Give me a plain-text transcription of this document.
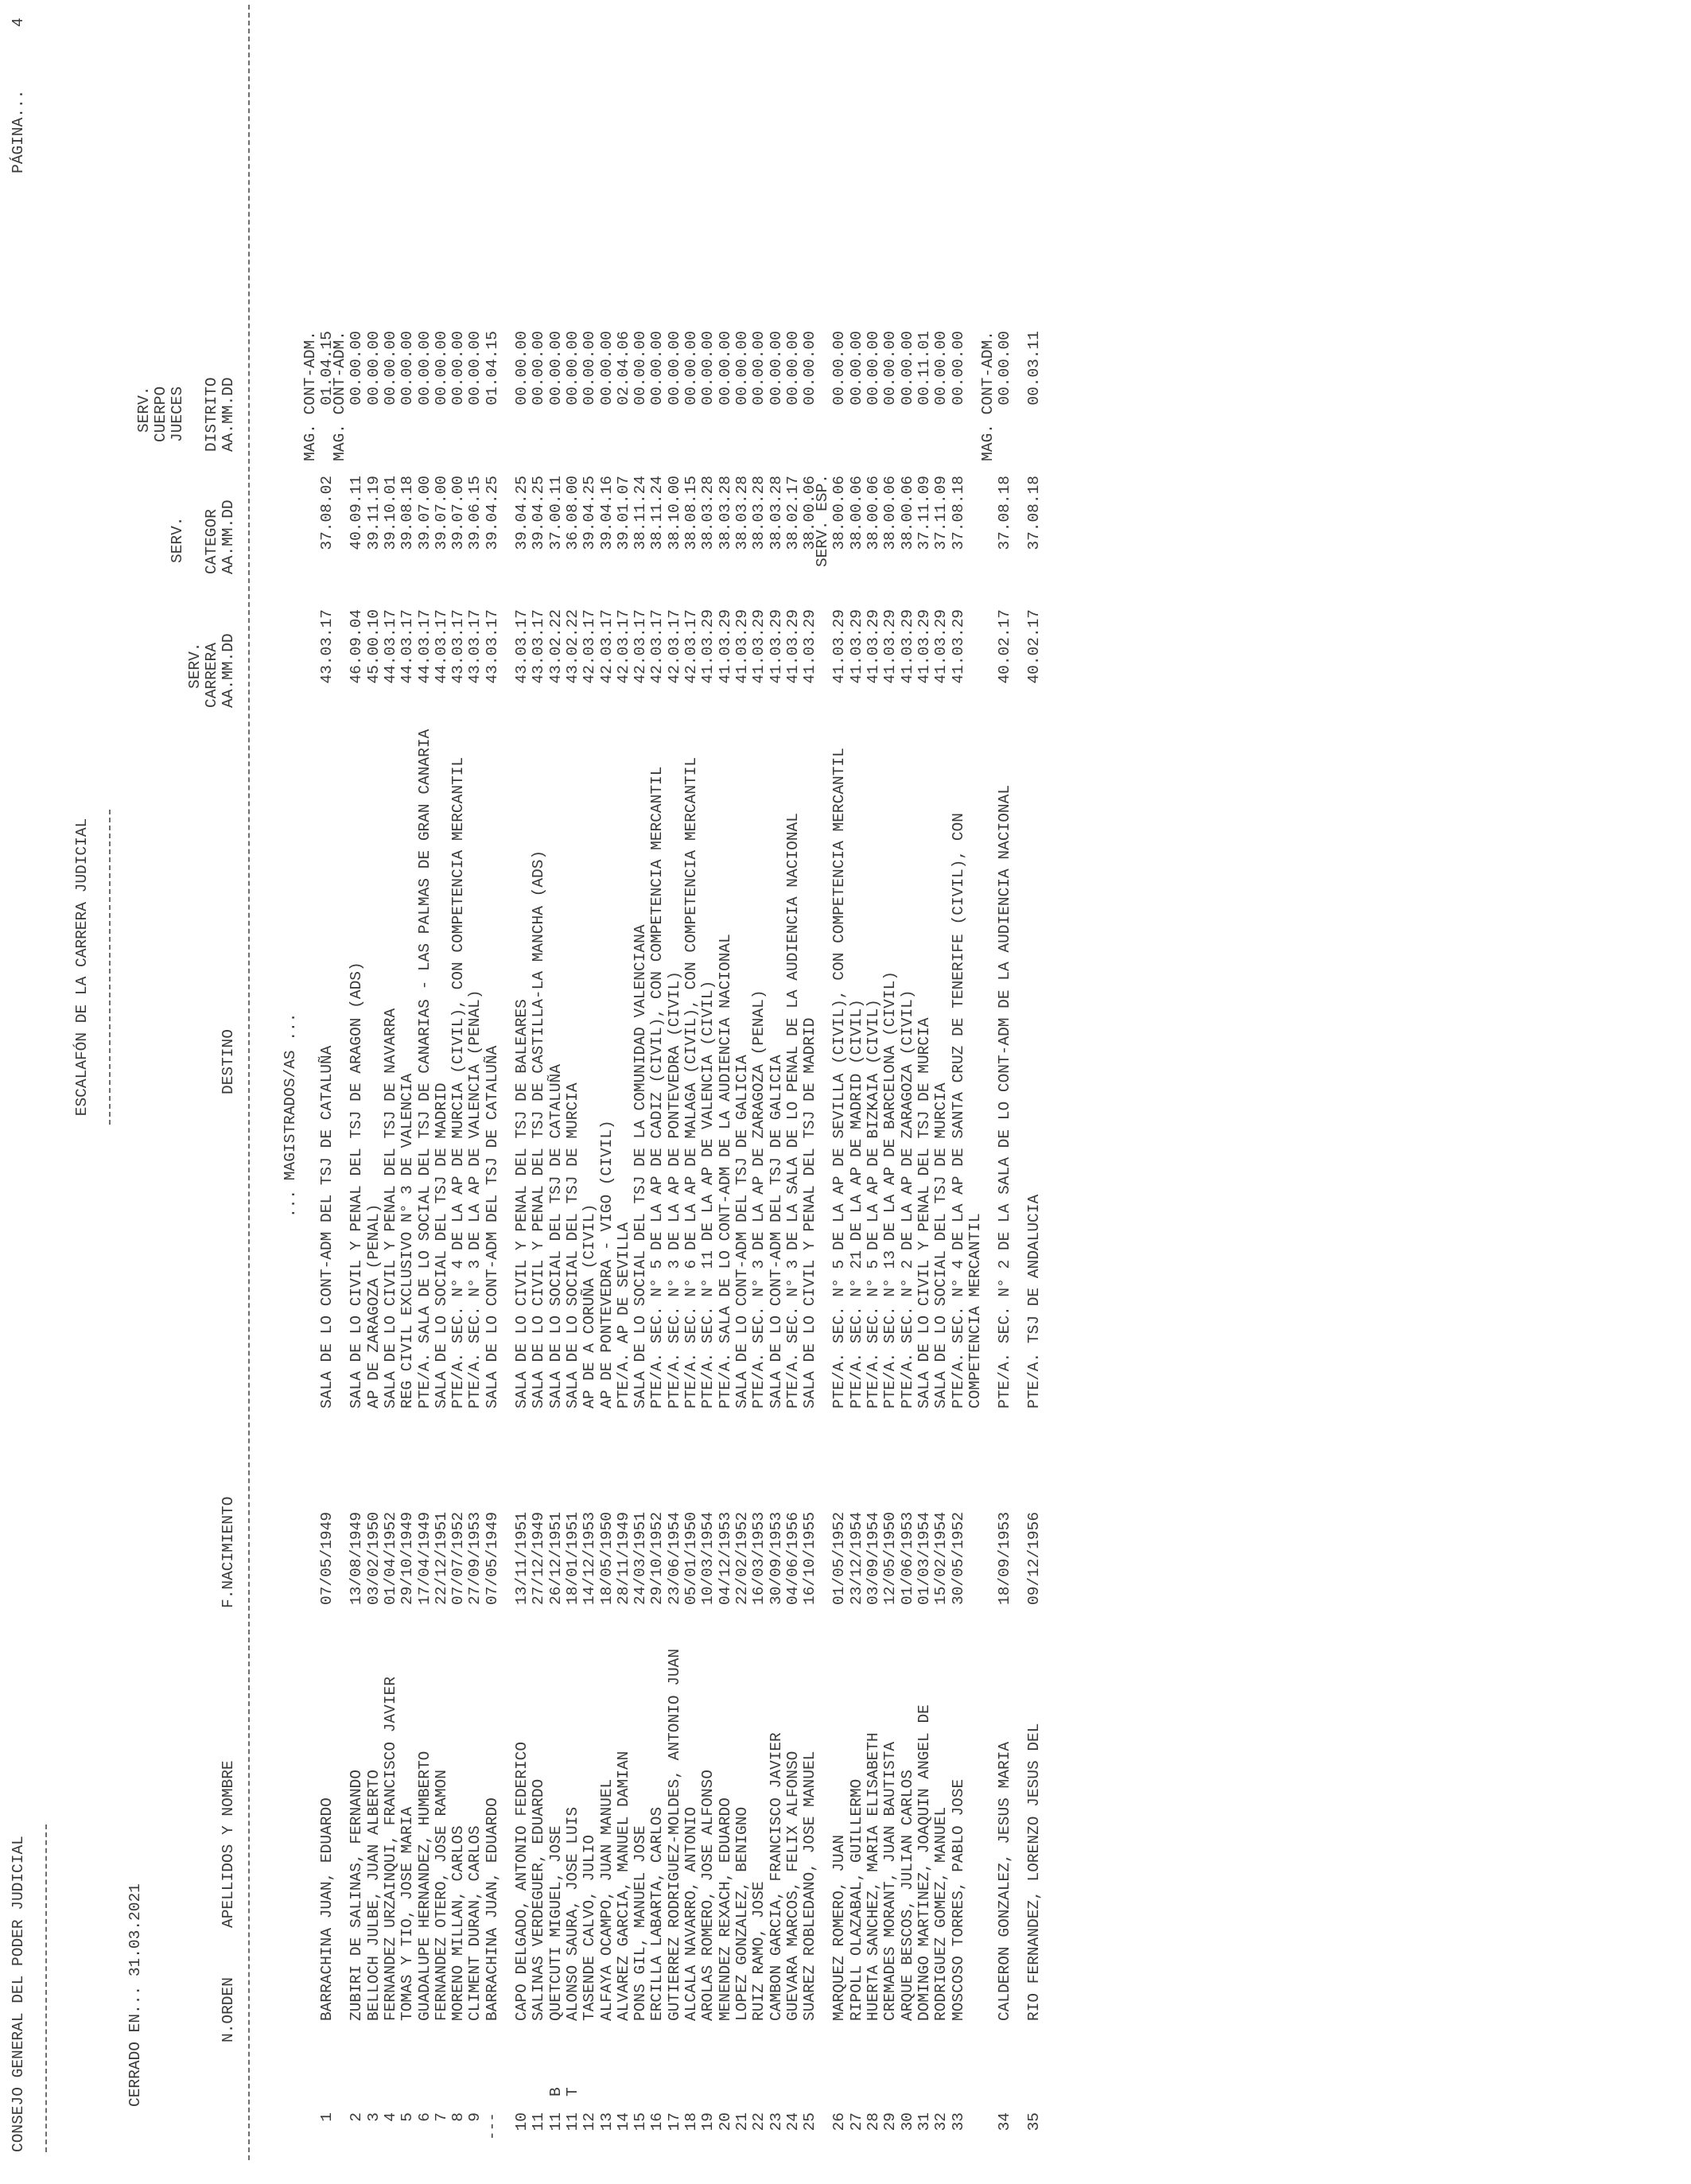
CONSEJO GENERAL DEL PODER JUDICIAL
ESCALAFÓN DE LA CARRERA JUDICIAL
PÁGINA...
4
CERRADO EN... 31.03.2021
SERV. CUERPO
SERV.
JUECES
SERV. CARRERA
CATEGOR
DISTRITO
N.ORDEN
APELLIDOS Y NOMBRE
F.NACIMIENTO
DESTINO
AA.MM.DD
AA.MM.DD
AA.MM.DD
... MAGISTRADOS/AS ...
MAG. CONT-ADM.
1
BARRACHINA JUAN, EDUARDO
07/05/1949
SALA DE LO CONT-ADM DEL TSJ DE CATALUÑA
43.03.17
37.08.02
01.04.15
MAG. CONT-ADM.
2
ZUBIRI DE SALINAS, FERNANDO
13/08/1949
SALA DE LO CIVIL Y PENAL DEL TSJ DE ARAGON (ADS)
46.09.04
40.09.11
00.00.00
3
BELLOCH JULBE, JUAN ALBERTO
03/02/1950
AP DE ZARAGOZA (PENAL)
45.00.10
39.11.19
00.00.00
4
FERNANDEZ URZAINQUI, FRANCISCO JAVIER
01/04/1952
SALA DE LO CIVIL Y PENAL DEL TSJ DE NAVARRA
44.03.17
39.10.01
00.00.00
5
TOMAS Y TIO, JOSE MARIA
29/10/1949
REG CIVIL EXCLUSIVO N° 3 DE VALENCIA
44.03.17
39.08.18
00.00.00
6
GUADALUPE HERNANDEZ, HUMBERTO
17/04/1949
PTE/A. SALA DE LO SOCIAL DEL TSJ DE CANARIAS - LAS PALMAS DE GRAN CANARIA
44.03.17
39.07.00
00.00.00
7
FERNANDEZ OTERO, JOSE RAMON
22/12/1951
SALA DE LO SOCIAL DEL TSJ DE MADRID
44.03.17
39.07.00
00.00.00
8
MORENO MILLAN, CARLOS
07/07/1952
PTE/A. SEC. N° 4 DE LA AP DE MURCIA (CIVIL), CON COMPETENCIA MERCANTIL
43.03.17
39.07.00
00.00.00
9
CLIMENT DURAN, CARLOS
27/09/1953
PTE/A. SEC. N° 3 DE LA AP DE VALENCIA (PENAL)
43.03.17
39.06.15
00.00.00
---
BARRACHINA JUAN, EDUARDO
07/05/1949
SALA DE LO CONT-ADM DEL TSJ DE CATALUÑA
43.03.17
39.04.25
01.04.15
10
CAPO DELGADO, ANTONIO FEDERICO
13/11/1951
SALA DE LO CIVIL Y PENAL DEL TSJ DE BALEARES
43.03.17
39.04.25
00.00.00
11
SALINAS VERDEGUER, EDUARDO
27/12/1949
SALA DE LO CIVIL Y PENAL DEL TSJ DE CASTILLA-LA MANCHA (ADS)
43.03.17
39.04.25
00.00.00
11
B
QUETCUTI MIGUEL, JOSE
26/12/1951
SALA DE LO SOCIAL DEL TSJ DE CATALUÑA
43.02.22
37.00.11
00.00.00
11
T
ALONSO SAURA, JOSE LUIS
18/01/1951
SALA DE LO SOCIAL DEL TSJ DE MURCIA
43.02.22
36.08.00
00.00.00
12
TASENDE CALVO, JULIO
14/12/1953
AP DE A CORUÑA (CIVIL)
42.03.17
39.04.25
00.00.00
13
ALFAYA OCAMPO, JUAN MANUEL
18/05/1950
AP DE PONTEVEDRA - VIGO (CIVIL)
42.03.17
39.04.16
00.00.00
14
ALVAREZ GARCIA, MANUEL DAMIAN
28/11/1949
PTE/A. AP DE SEVILLA
42.03.17
39.01.07
02.04.06
15
PONS GIL, MANUEL JOSE
24/03/1951
SALA DE LO SOCIAL DEL TSJ DE LA COMUNIDAD VALENCIANA
42.03.17
38.11.24
00.00.00
16
ERCILLA LABARTA, CARLOS
29/10/1952
PTE/A. SEC. N° 5 DE LA AP DE CADIZ (CIVIL), CON COMPETENCIA MERCANTIL
42.03.17
38.11.24
00.00.00
17
GUTIERREZ RODRIGUEZ-MOLDES, ANTONIO JUAN
23/06/1954
PTE/A. SEC. N° 3 DE LA AP DE PONTEVEDRA (CIVIL)
42.03.17
38.10.00
00.00.00
18
ALCALA NAVARRO, ANTONIO
05/01/1950
PTE/A. SEC. N° 6 DE LA AP DE MALAGA (CIVIL), CON COMPETENCIA MERCANTIL
42.03.17
38.08.15
00.00.00
19
AROLAS ROMERO, JOSE ALFONSO
10/03/1954
PTE/A. SEC. N° 11 DE LA AP DE VALENCIA (CIVIL)
41.03.29
38.03.28
00.00.00
20
MENENDEZ REXACH, EDUARDO
04/12/1953
PTE/A. SALA DE LO CONT-ADM DE LA AUDIENCIA NACIONAL
41.03.29
38.03.28
00.00.00
21
LOPEZ GONZALEZ, BENIGNO
22/02/1952
SALA DE LO CONT-ADM DEL TSJ DE GALICIA
41.03.29
38.03.28
00.00.00
22
RUIZ RAMO, JOSE
16/03/1953
PTE/A. SEC. N° 3 DE LA AP DE ZARAGOZA (PENAL)
41.03.29
38.03.28
00.00.00
23
CAMBON GARCIA, FRANCISCO JAVIER
30/09/1953
SALA DE LO CONT-ADM DEL TSJ DE GALICIA
41.03.29
38.03.28
00.00.00
24
GUEVARA MARCOS, FELIX ALFONSO
04/06/1956
PTE/A. SEC. N° 3 DE LA SALA DE LO PENAL DE LA AUDIENCIA NACIONAL
41.03.29
38.02.17
00.00.00
25
SUAREZ ROBLEDANO, JOSE MANUEL
16/10/1955
SALA DE LO CIVIL Y PENAL DEL TSJ DE MADRID
41.03.29
38.00.06
00.00.00
SERV. ESP.
26
MARQUEZ ROMERO, JUAN
01/05/1952
PTE/A. SEC. N° 5 DE LA AP DE SEVILLA (CIVIL), CON COMPETENCIA MERCANTIL
41.03.29
38.00.06
00.00.00
27
RIPOLL OLAZABAL, GUILLERMO
23/12/1954
PTE/A. SEC. N° 21 DE LA AP DE MADRID (CIVIL)
41.03.29
38.00.06
00.00.00
28
HUERTA SANCHEZ, MARIA ELISABETH
03/09/1954
PTE/A. SEC. N° 5 DE LA AP DE BIZKAIA (CIVIL)
41.03.29
38.00.06
00.00.00
29
CREMADES MORANT, JUAN BAUTISTA
12/05/1950
PTE/A. SEC. N° 13 DE LA AP DE BARCELONA (CIVIL)
41.03.29
38.00.06
00.00.00
30
ARQUE BESCOS, JULIAN CARLOS
01/06/1953
PTE/A. SEC. N° 2 DE LA AP DE ZARAGOZA (CIVIL)
41.03.29
38.00.06
00.00.00
31
DOMINGO MARTINEZ, JOAQUIN ANGEL DE
01/03/1954
SALA DE LO CIVIL Y PENAL DEL TSJ DE MURCIA
41.03.29
37.11.09
00.11.01
32
RODRIGUEZ GOMEZ, MANUEL
15/02/1954
SALA DE LO SOCIAL DEL TSJ DE MURCIA
41.03.29
37.11.09
00.00.00
33
MOSCOSO TORRES, PABLO JOSE
30/05/1952
PTE/A. SEC. N° 4 DE LA AP DE SANTA CRUZ DE TENERIFE (CIVIL), CON
41.03.29
37.08.18
00.00.00
COMPETENCIA MERCANTIL
MAG. CONT-ADM.
34
CALDERON GONZALEZ, JESUS MARIA
18/09/1953
PTE/A. SEC. N° 2 DE LA SALA DE LO CONT-ADM DE LA AUDIENCIA NACIONAL
40.02.17
37.08.18
00.00.00
35
RIO FERNANDEZ, LORENZO JESUS DEL
09/12/1956
PTE/A. TSJ DE ANDALUCIA
40.02.17
37.08.18
00.03.11
